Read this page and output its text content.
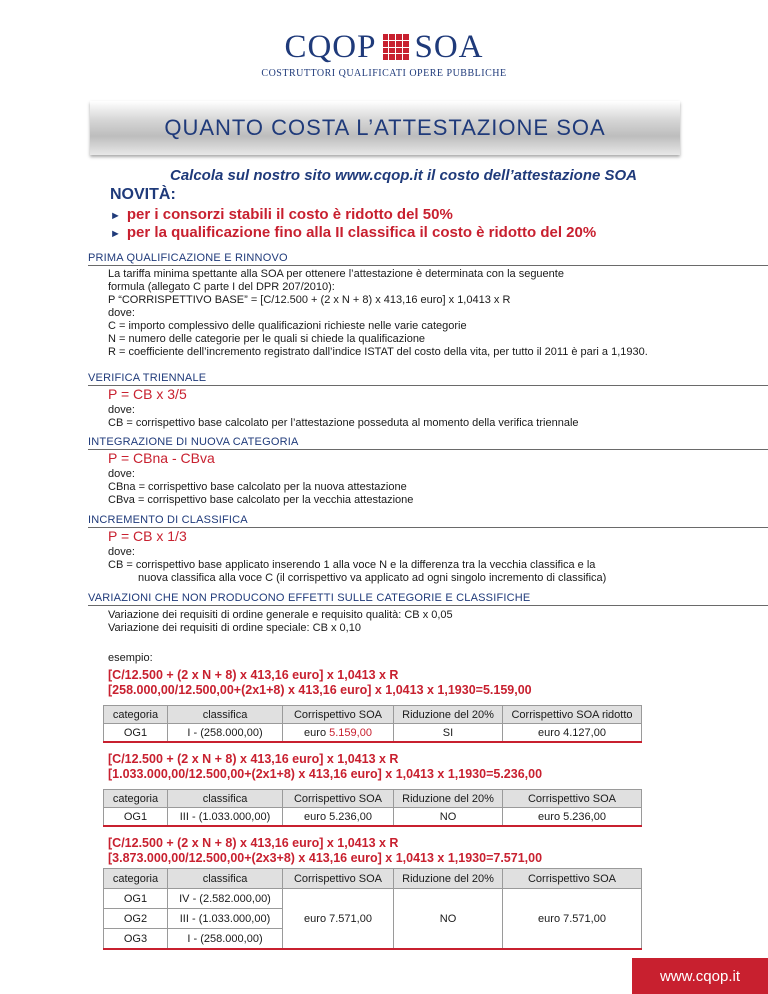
CQOP SOA
COSTRUTTORI QUALIFICATI OPERE PUBBLICHE
QUANTO COSTA L’ATTESTAZIONE SOA
Calcola sul nostro sito www.cqop.it il costo dell’attestazione SOA
NOVITÀ:
► per i consorzi stabili il costo è ridotto del 50%
► per la qualificazione fino alla II classifica il costo è ridotto del 20%
PRIMA QUALIFICAZIONE E RINNOVO
La tariffa minima spettante alla SOA per ottenere l’attestazione è determinata con la seguente
formula (allegato C parte I del DPR 207/2010):
P “CORRISPETTIVO BASE” = [C/12.500 + (2 x N + 8) x 413,16 euro] x 1,0413 x R
dove:
C = importo complessivo delle qualificazioni richieste nelle varie categorie
N = numero delle categorie per le quali si chiede la qualificazione
R = coefficiente dell’incremento registrato dall’indice ISTAT del costo della vita, per tutto il 2011 è pari a 1,1930.
VERIFICA TRIENNALE
P = CB x 3/5
dove:
CB = corrispettivo base calcolato per l’attestazione posseduta al momento della verifica triennale
INTEGRAZIONE DI NUOVA CATEGORIA
P = CBna - CBva
dove:
CBna = corrispettivo base calcolato per la nuova attestazione
CBva = corrispettivo base calcolato per la vecchia attestazione
INCREMENTO DI CLASSIFICA
P = CB x 1/3
dove:
CB = corrispettivo base applicato inserendo 1 alla voce N e la differenza tra la vecchia classifica e la
nuova classifica alla voce C (il corrispettivo va applicato ad ogni singolo incremento di classifica)
VARIAZIONI CHE NON PRODUCONO EFFETTI SULLE CATEGORIE E CLASSIFICHE
Variazione dei requisiti di ordine generale e requisito qualità: CB x 0,05
Variazione dei requisiti di ordine speciale: CB x 0,10
esempio:
[C/12.500 + (2 x N + 8) x 413,16 euro] x 1,0413 x R
[258.000,00/12.500,00+(2x1+8) x 413,16 euro] x 1,0413 x 1,1930=5.159,00
categoria	classifica	Corrispettivo SOA	Riduzione del 20%	Corrispettivo SOA ridotto
OG1	I - (258.000,00)	euro 5.159,00	SI	euro 4.127,00
[C/12.500 + (2 x N + 8) x 413,16 euro] x 1,0413 x R
[1.033.000,00/12.500,00+(2x1+8) x 413,16 euro] x 1,0413 x 1,1930=5.236,00
categoria	classifica	Corrispettivo SOA	Riduzione del 20%	Corrispettivo SOA
OG1	III - (1.033.000,00)	euro 5.236,00	NO	euro 5.236,00
[C/12.500 + (2 x N + 8) x 413,16 euro] x 1,0413 x R
[3.873.000,00/12.500,00+(2x3+8) x 413,16 euro] x 1,0413 x 1,1930=7.571,00
categoria	classifica	Corrispettivo SOA	Riduzione del 20%	Corrispettivo SOA
OG1	IV - (2.582.000,00)	euro 7.571,00	NO	euro 7.571,00
OG2	III - (1.033.000,00)			
OG3	I - (258.000,00)			
www.cqop.it
